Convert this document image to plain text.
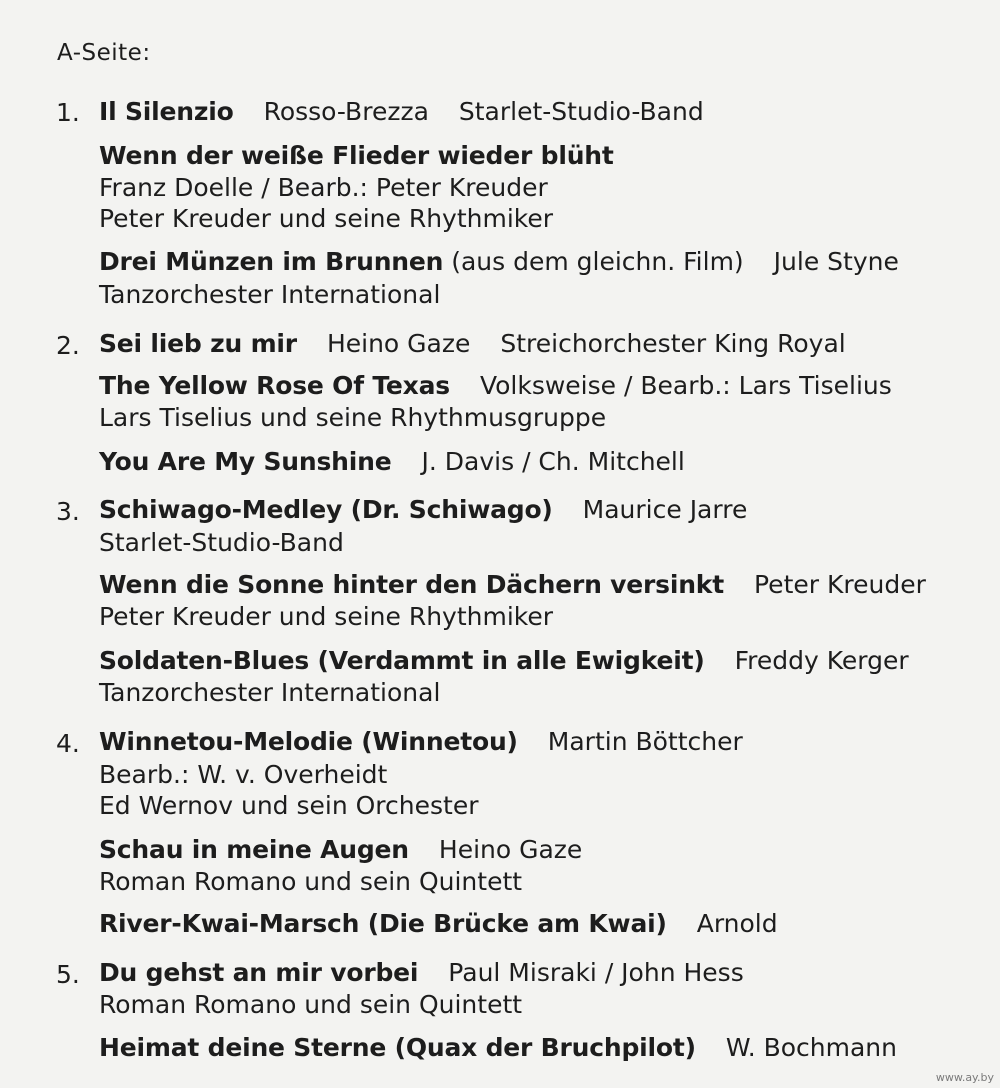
A-Seite:
1. Il Silenzio Rosso-Brezza Starlet-Studio-Band
Wenn der weiße Flieder wieder blüht
Franz Doelle / Bearb.: Peter Kreuder
Peter Kreuder und seine Rhythmiker
Drei Münzen im Brunnen (aus dem gleichn. Film) Jule Styne
Tanzorchester International
2. Sei lieb zu mir Heino Gaze Streichorchester King Royal
The Yellow Rose Of Texas Volksweise / Bearb.: Lars Tiselius
Lars Tiselius und seine Rhythmusgruppe
You Are My Sunshine J. Davis / Ch. Mitchell
3. Schiwago-Medley (Dr. Schiwago) Maurice Jarre
Starlet-Studio-Band
Wenn die Sonne hinter den Dächern versinkt Peter Kreuder
Peter Kreuder und seine Rhythmiker
Soldaten-Blues (Verdammt in alle Ewigkeit) Freddy Kerger
Tanzorchester International
4. Winnetou-Melodie (Winnetou) Martin Böttcher
Bearb.: W. v. Overheidt
Ed Wernov und sein Orchester
Schau in meine Augen Heino Gaze
Roman Romano und sein Quintett
River-Kwai-Marsch (Die Brücke am Kwai) Arnold
5. Du gehst an mir vorbei Paul Misraki / John Hess
Roman Romano und sein Quintett
Heimat deine Sterne (Quax der Bruchpilot) W. Bochmann
www.ay.by
